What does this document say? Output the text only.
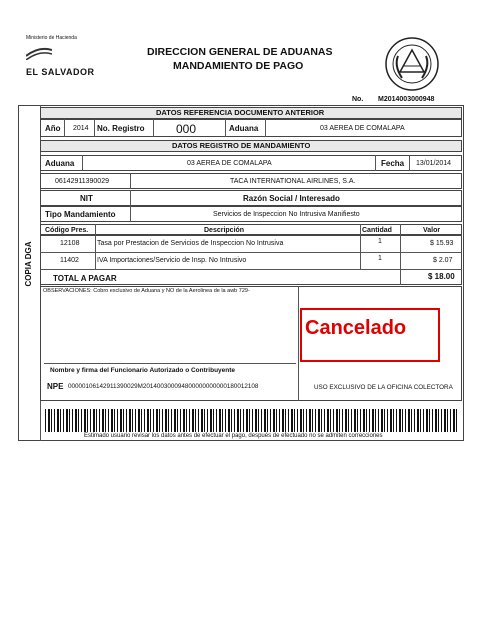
Ministerio de Hacienda
EL SALVADOR
DIRECCION GENERAL DE ADUANAS
MANDAMIENTO DE PAGO
No. M2014003000948
COPIA DGA
DATOS REFERENCIA DOCUMENTO ANTERIOR
Año 2014 No. Registro	000	Aduana	03 AEREA DE COMALAPA
DATOS REGISTRO DE MANDAMIENTO
Aduana	03 AEREA DE COMALAPA	Fecha 13/01/2014
06142911390029	TACA INTERNATIONAL AIRLINES, S.A.
NIT	Razón Social / Interesado
Tipo Mandamiento	Servicios de Inspeccion No Intrusiva Manifiesto
Código Pres.	Descripción	Cantidad	Valor
12108	Tasa por Prestacion de Servicios de Inspeccion No Intrusiva	1	$ 15.93
11402	IVA Importaciones/Servicio de Insp. No Intrusivo	1	$ 2.07
TOTAL A PAGAR	$ 18.00
OBSERVACIONES: Cobro exclusivo de Aduana y NO de la Aerolinea de la awb 729-
Cancelado
Nombre y firma del Funcionario Autorizado o Contribuyente
NPE 00000106142911390029M201400300094800000000000180012108	USO EXCLUSIVO DE LA OFICINA COLECTORA
Estimado usuario revisar los datos antes de efectuar el pago, después de efectuado no se admiten correcciones
